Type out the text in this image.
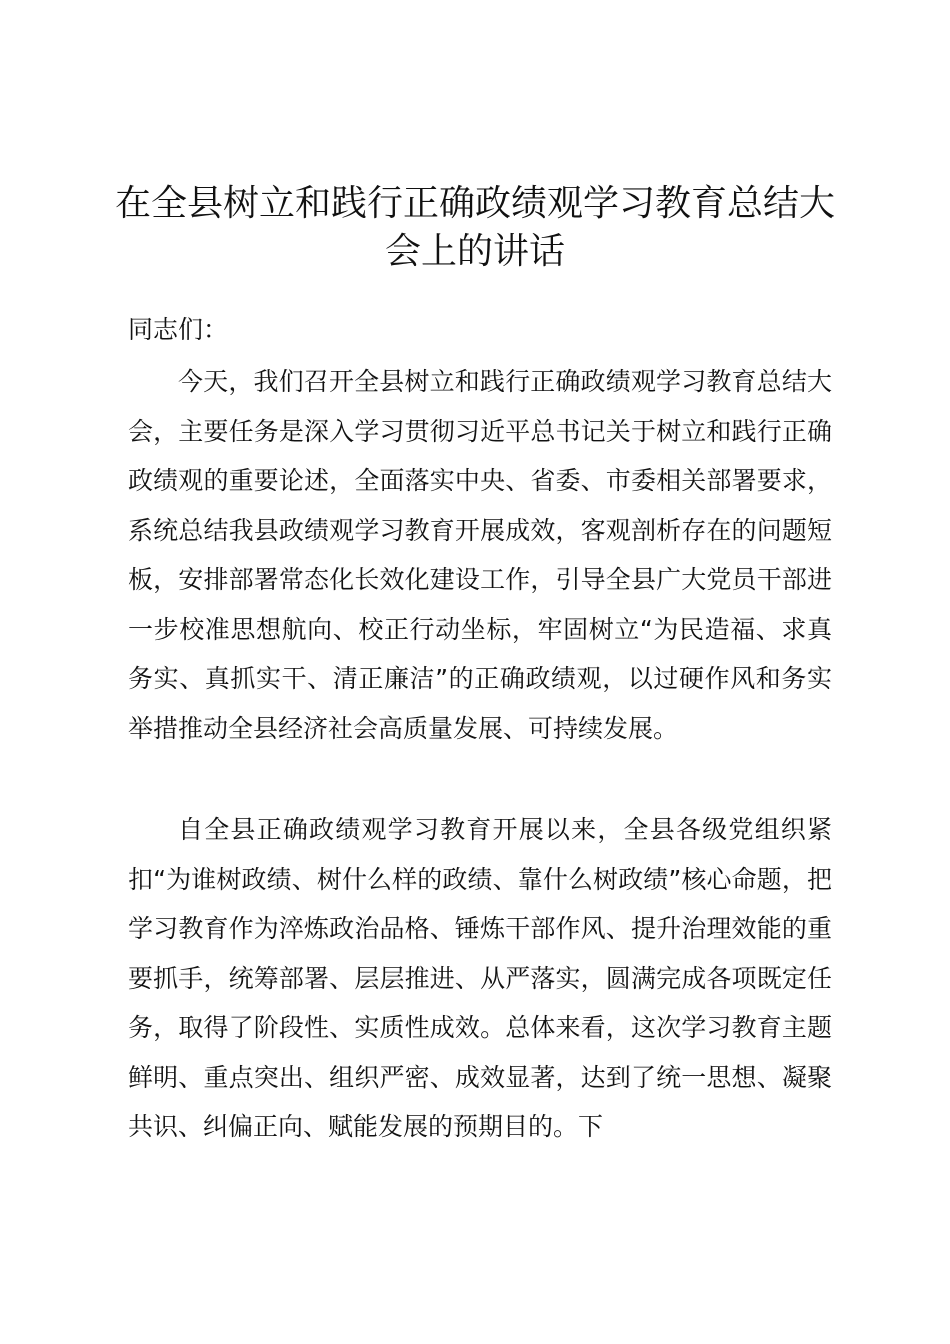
在全县树立和践行正确政绩观学习教育总结大会上的讲话

同志们：

今天，我们召开全县树立和践行正确政绩观学习教育总结大会，主要任务是深入学习贯彻习近平总书记关于树立和践行正确政绩观的重要论述，全面落实中央、省委、市委相关部署要求，系统总结我县政绩观学习教育开展成效，客观剖析存在的问题短板，安排部署常态化长效化建设工作，引导全县广大党员干部进一步校准思想航向、校正行动坐标，牢固树立“为民造福、求真务实、真抓实干、清正廉洁”的正确政绩观，以过硬作风和务实举措推动全县经济社会高质量发展、可持续发展。

自全县正确政绩观学习教育开展以来，全县各级党组织紧扣“为谁树政绩、树什么样的政绩、靠什么树政绩”核心命题，把学习教育作为淬炼政治品格、锤炼干部作风、提升治理效能的重要抓手，统筹部署、层层推进、从严落实，圆满完成各项既定任务，取得了阶段性、实质性成效。总体来看，这次学习教育主题鲜明、重点突出、组织严密、成效显著，达到了统一思想、凝聚共识、纠偏正向、赋能发展的预期目的。下
